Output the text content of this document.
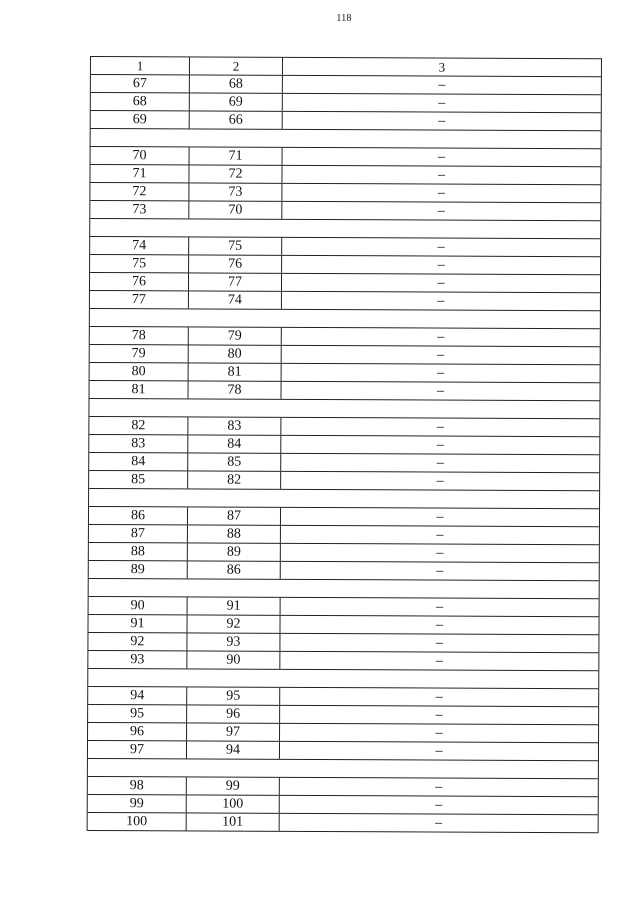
118
1	2	3
67	68	–
68	69	–
69	66	–
70	71	–
71	72	–
72	73	–
73	70	–
74	75	–
75	76	–
76	77	–
77	74	–
78	79	–
79	80	–
80	81	–
81	78	–
82	83	–
83	84	–
84	85	–
85	82	–
86	87	–
87	88	–
88	89	–
89	86	–
90	91	–
91	92	–
92	93	–
93	90	–
94	95	–
95	96	–
96	97	–
97	94	–
98	99	–
99	100	–
100	101	–
